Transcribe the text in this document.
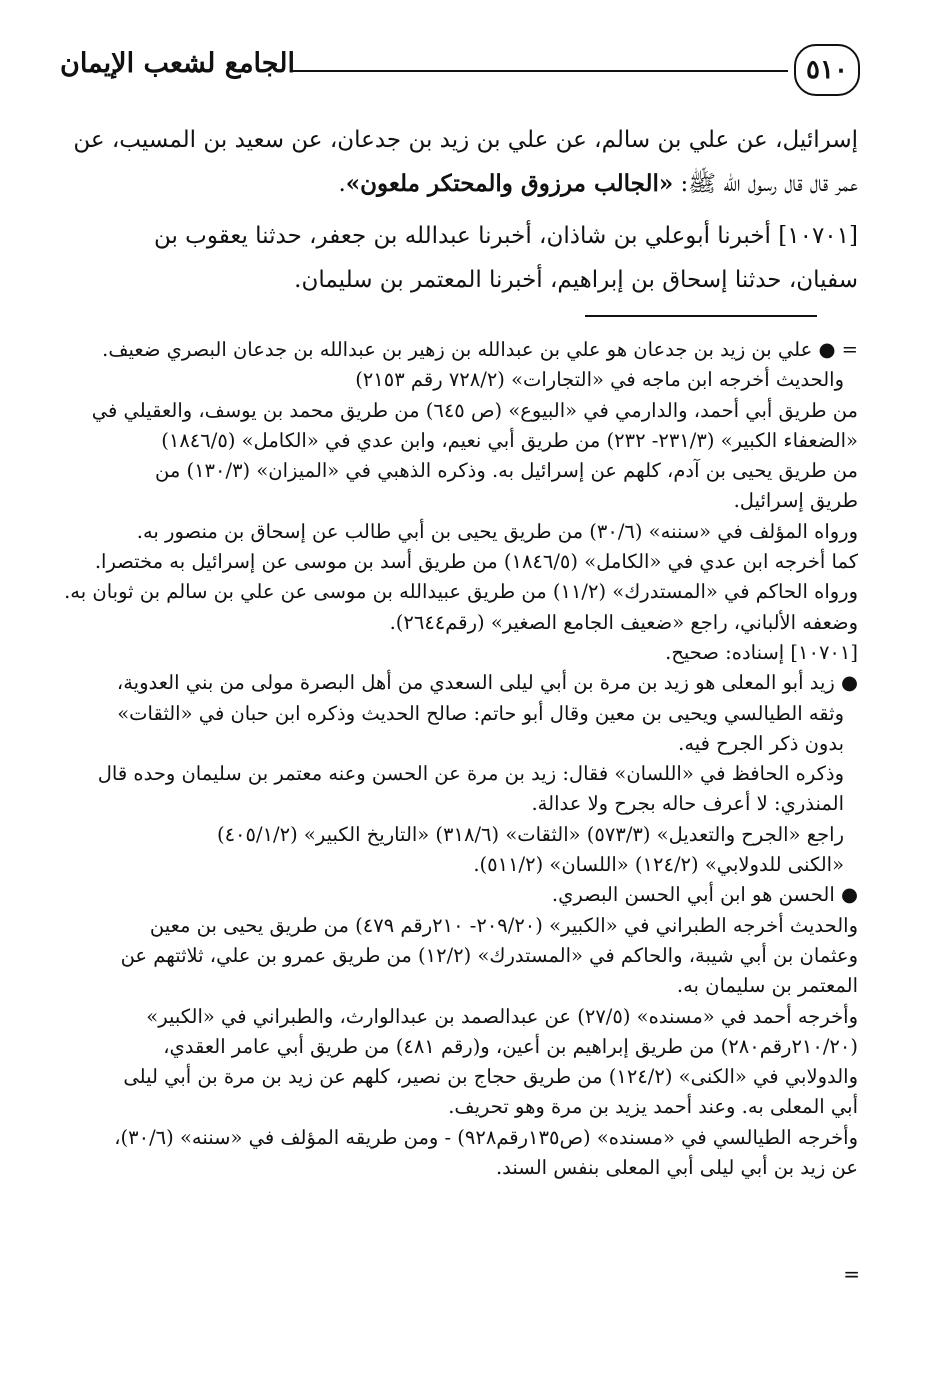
الجامع لشعب الإيمان	٥١٠

إسرائيل، عن علي بن سالم، عن علي بن زيد بن جدعان، عن سعيد بن المسيب، عن

عمر قال قال رسول الله ﷺ: «الجالب مرزوق والمحتكر ملعون».

[١٠٧٠١] أخبرنا أبوعلي بن شاذان، أخبرنا عبدالله بن جعفر، حدثنا يعقوب بن

سفيان، حدثنا إسحاق بن إبراهيم، أخبرنا المعتمر بن سليمان.

= ● علي بن زيد بن جدعان هو علي بن عبدالله بن زهير بن عبدالله بن جدعان البصري ضعيف.
والحديث أخرجه ابن ماجه في «التجارات» (٧٢٨/٢ رقم ٢١٥٣)
من طريق أبي أحمد، والدارمي في «البيوع» (ص ٦٤٥) من طريق محمد بن يوسف، والعقيلي في
«الضعفاء الكبير» (٢٣١/٣- ٢٣٢) من طريق أبي نعيم، وابن عدي في «الكامل» (١٨٤٦/٥)
من طريق يحيى بن آدم، كلهم عن إسرائيل به. وذكره الذهبي في «الميزان» (١٣٠/٣) من
طريق إسرائيل.
ورواه المؤلف في «سننه» (٣٠/٦) من طريق يحيى بن أبي طالب عن إسحاق بن منصور به.
كما أخرجه ابن عدي في «الكامل» (١٨٤٦/٥) من طريق أسد بن موسى عن إسرائيل به مختصرا.
ورواه الحاكم في «المستدرك» (١١/٢) من طريق عبيدالله بن موسى عن علي بن سالم بن ثوبان به.
وضعفه الألباني، راجع «ضعيف الجامع الصغير» (رقم٢٦٤٤).
[١٠٧٠١] إسناده: صحيح.
● زيد أبو المعلى هو زيد بن مرة بن أبي ليلى السعدي من أهل البصرة مولى من بني العدوية،
وثقه الطيالسي ويحيى بن معين وقال أبو حاتم: صالح الحديث وذكره ابن حبان في «الثقات»
بدون ذكر الجرح فيه.
وذكره الحافظ في «اللسان» فقال: زيد بن مرة عن الحسن وعنه معتمر بن سليمان وحده قال
المنذري: لا أعرف حاله بجرح ولا عدالة.
راجع «الجرح والتعديل» (٥٧٣/٣) «الثقات» (٣١٨/٦) «التاريخ الكبير» (٤٠٥/١/٢)
«الكنى للدولابي» (١٢٤/٢) «اللسان» (٥١١/٢).
● الحسن هو ابن أبي الحسن البصري.
والحديث أخرجه الطبراني في «الكبير» (٢٠٩/٢٠- ٢١٠رقم ٤٧٩) من طريق يحيى بن معين
وعثمان بن أبي شيبة، والحاكم في «المستدرك» (١٢/٢) من طريق عمرو بن علي، ثلاثتهم عن
المعتمر بن سليمان به.
وأخرجه أحمد في «مسنده» (٢٧/٥) عن عبدالصمد بن عبدالوارث، والطبراني في «الكبير»
(٢١٠/٢٠رقم٢٨٠) من طريق إبراهيم بن أعين، و(رقم ٤٨١) من طريق أبي عامر العقدي،
والدولابي في «الكنى» (١٢٤/٢) من طريق حجاج بن نصير، كلهم عن زيد بن مرة بن أبي ليلى
أبي المعلى به. وعند أحمد يزيد بن مرة وهو تحريف.
وأخرجه الطيالسي في «مسنده» (ص١٣٥رقم٩٢٨) - ومن طريقه المؤلف في «سننه» (٣٠/٦)،
عن زيد بن أبي ليلى أبي المعلى بنفس السند.
=
